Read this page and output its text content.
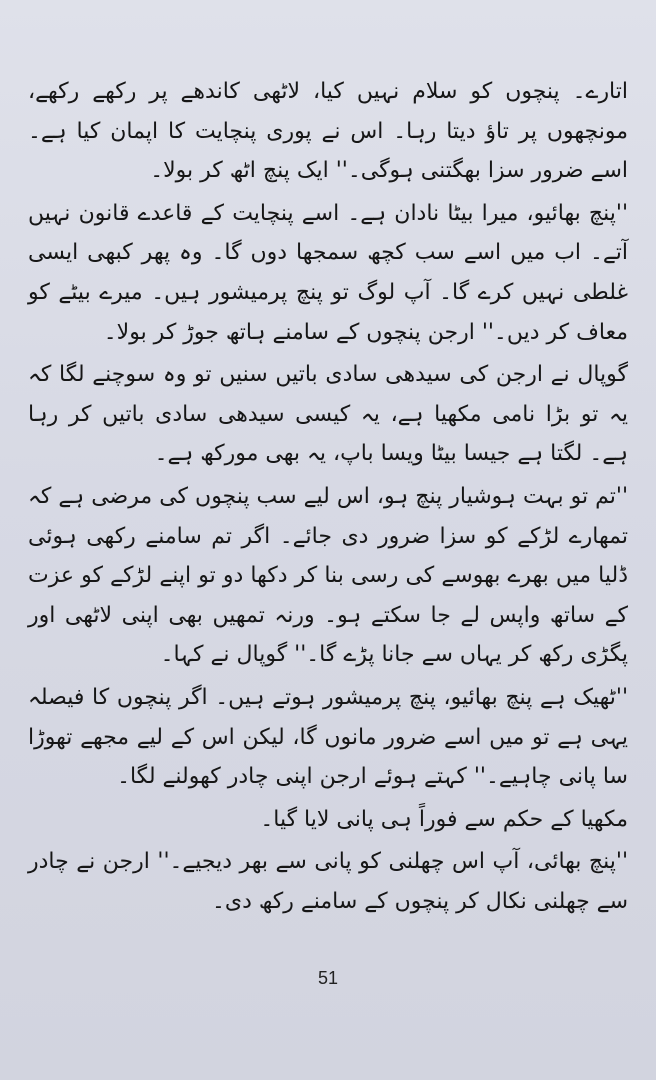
اتارے۔ پنچوں کو سلام نہیں کیا، لاٹھی کاندھے پر رکھے رکھے، مونچھوں پر تاؤ دیتا رہا۔ اس نے پوری پنچایت کا اپمان کیا ہے۔ اسے ضرور سزا بھگتنی ہوگی۔'' ایک پنچ اٹھ کر بولا۔

''پنچ بھائیو، میرا بیٹا نادان ہے۔ اسے پنچایت کے قاعدے قانون نہیں آتے۔ اب میں اسے سب کچھ سمجھا دوں گا۔ وہ پھر کبھی ایسی غلطی نہیں کرے گا۔ آپ لوگ تو پنچ پرمیشور ہیں۔ میرے بیٹے کو معاف کر دیں۔'' ارجن پنچوں کے سامنے ہاتھ جوڑ کر بولا۔

گوپال نے ارجن کی سیدھی سادی باتیں سنیں تو وہ سوچنے لگا کہ یہ تو بڑا نامی مکھیا ہے، یہ کیسی سیدھی سادی باتیں کر رہا ہے۔ لگتا ہے جیسا بیٹا ویسا باپ، یہ بھی مورکھ ہے۔

''تم تو بہت ہوشیار پنچ ہو، اس لیے سب پنچوں کی مرضی ہے کہ تمھارے لڑکے کو سزا ضرور دی جائے۔ اگر تم سامنے رکھی ہوئی ڈلیا میں بھرے بھوسے کی رسی بنا کر دکھا دو تو اپنے لڑکے کو عزت کے ساتھ واپس لے جا سکتے ہو۔ ورنہ تمھیں بھی اپنی لاٹھی اور پگڑی رکھ کر یہاں سے جانا پڑے گا۔'' گوپال نے کہا۔

''ٹھیک ہے پنچ بھائیو، پنچ پرمیشور ہوتے ہیں۔ اگر پنچوں کا فیصلہ یہی ہے تو میں اسے ضرور مانوں گا، لیکن اس کے لیے مجھے تھوڑا سا پانی چاہیے۔'' کہتے ہوئے ارجن اپنی چادر کھولنے لگا۔

مکھیا کے حکم سے فوراً ہی پانی لایا گیا۔

''پنچ بھائی، آپ اس چھلنی کو پانی سے بھر دیجیے۔'' ارجن نے چادر سے چھلنی نکال کر پنچوں کے سامنے رکھ دی۔

51
